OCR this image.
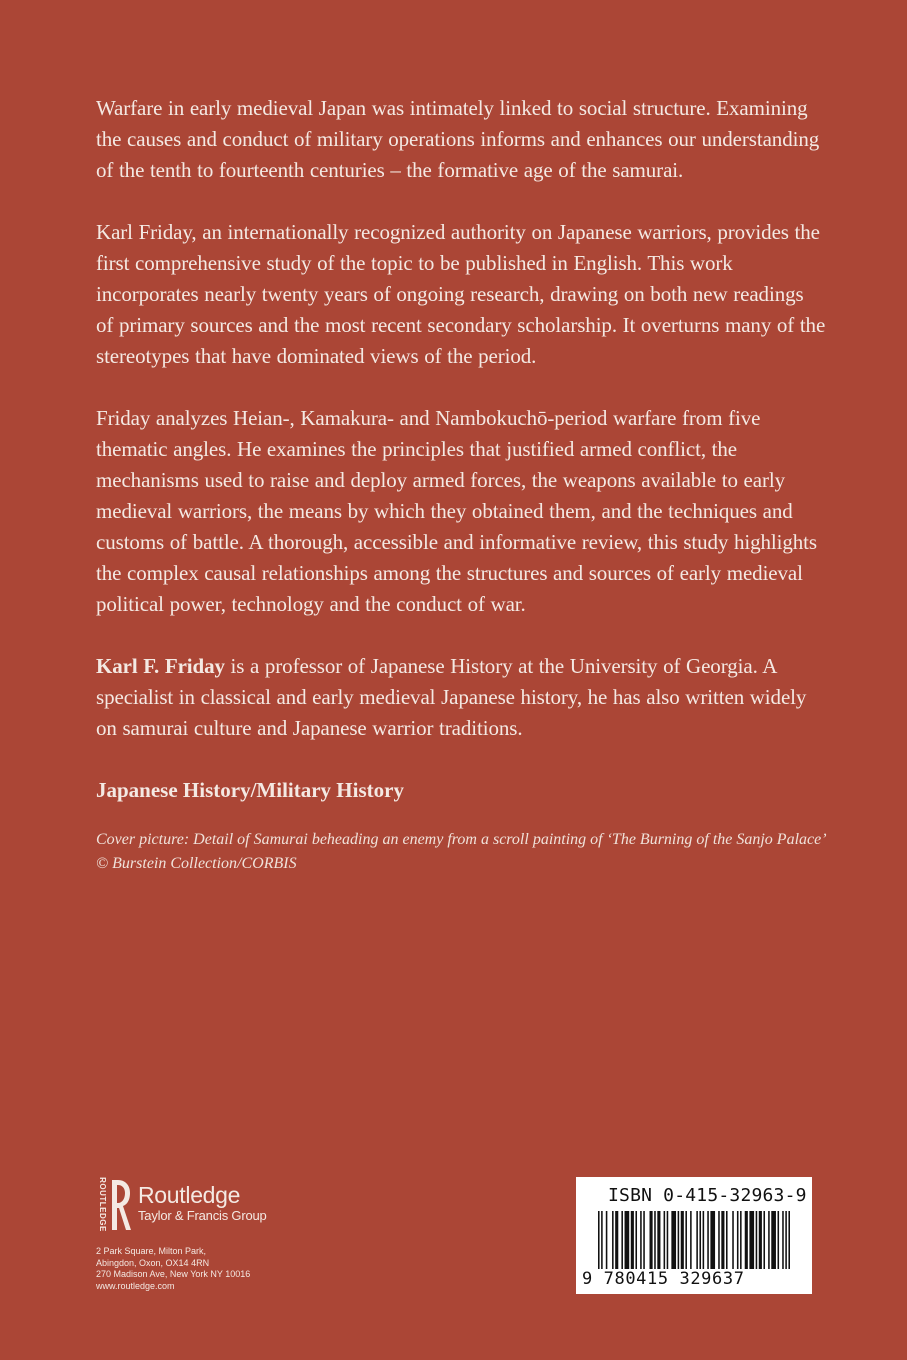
Warfare in early medieval Japan was intimately linked to social structure. Examining the causes and conduct of military operations informs and enhances our understanding of the tenth to fourteenth centuries – the formative age of the samurai.

Karl Friday, an internationally recognized authority on Japanese warriors, provides the first comprehensive study of the topic to be published in English. This work incorporates nearly twenty years of ongoing research, drawing on both new readings of primary sources and the most recent secondary scholarship. It overturns many of the stereotypes that have dominated views of the period.

Friday analyzes Heian-, Kamakura- and Nambokuchō-period warfare from five thematic angles. He examines the principles that justified armed conflict, the mechanisms used to raise and deploy armed forces, the weapons available to early medieval warriors, the means by which they obtained them, and the techniques and customs of battle. A thorough, accessible and informative review, this study highlights the complex causal relationships among the structures and sources of early medieval political power, technology and the conduct of war.

Karl F. Friday is a professor of Japanese History at the University of Georgia. A specialist in classical and early medieval Japanese history, he has also written widely on samurai culture and Japanese warrior traditions.

Japanese History/Military History

Cover picture: Detail of Samurai beheading an enemy from a scroll painting of ‘The Burning of the Sanjo Palace’ © Burstein Collection/CORBIS

ROUTLEDGE Routledge
Taylor & Francis Group
2 Park Square, Milton Park,
Abingdon, Oxon, OX14 4RN
270 Madison Ave, New York NY 10016
www.routledge.com
ISBN 0-415-32963-9
9 780415 329637
